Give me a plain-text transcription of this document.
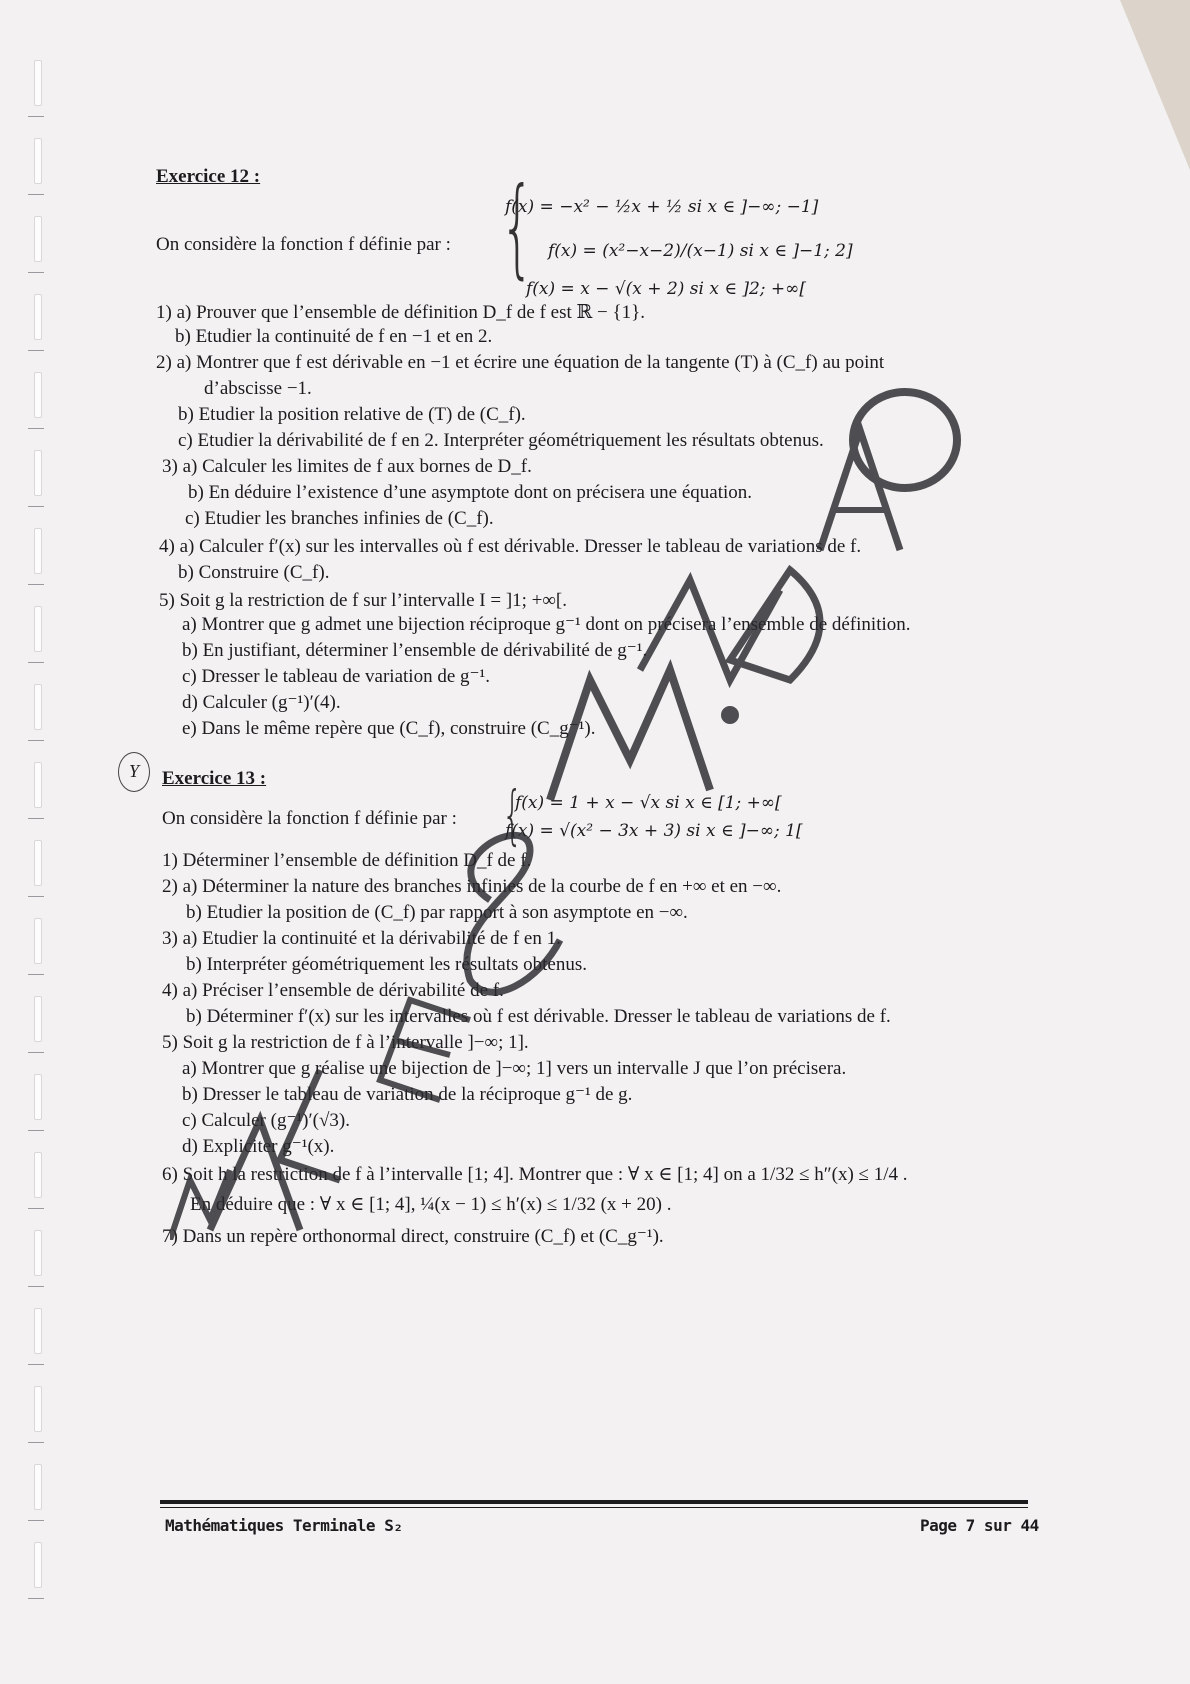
Exercice 12 :
On considère la fonction f définie par : {
f(x) = −x² − ½x + ½ si x ∈ ]−∞; −1]
f(x) = (x²−x−2)/(x−1) si x ∈ ]−1; 2]
f(x) = x − √(x + 2) si x ∈ ]2; +∞[
1) a) Prouver que l’ensemble de définition D_f de f est ℝ − {1}.
b) Etudier la continuité de f en −1 et en 2.
2) a) Montrer que f est dérivable en −1 et écrire une équation de la tangente (T) à (C_f) au point
d’abscisse −1.
b) Etudier la position relative de (T) de (C_f).
c) Etudier la dérivabilité de f en 2. Interpréter géométriquement les résultats obtenus.
3) a) Calculer les limites de f aux bornes de D_f.
b) En déduire l’existence d’une asymptote dont on précisera une équation.
c) Etudier les branches infinies de (C_f).
4) a) Calculer f′(x) sur les intervalles où f est dérivable. Dresser le tableau de variations de f.
b) Construire (C_f).
5) Soit g la restriction de f sur l’intervalle I = ]1; +∞[.
a) Montrer que g admet une bijection réciproque g⁻¹ dont on précisera l’ensemble de définition.
b) En justifiant, déterminer l’ensemble de dérivabilité de g⁻¹.
c) Dresser le tableau de variation de g⁻¹.
d) Calculer (g⁻¹)′(4).
e) Dans le même repère que (C_f), construire (C_g⁻¹).
Y	Exercice 13 :
On considère la fonction f définie par : {
f(x) = 1 + x − √x si x ∈ [1; +∞[
f(x) = √(x² − 3x + 3) si x ∈ ]−∞; 1[
1) Déterminer l’ensemble de définition D_f de f.
2) a) Déterminer la nature des branches infinies de la courbe de f en +∞ et en −∞.
b) Etudier la position de (C_f) par rapport à son asymptote en −∞.
3) a) Etudier la continuité et la dérivabilité de f en 1.
b) Interpréter géométriquement les résultats obtenus.
4) a) Préciser l’ensemble de dérivabilité de f.
b) Déterminer f′(x) sur les intervalles où f est dérivable. Dresser le tableau de variations de f.
5) Soit g la restriction de f à l’intervalle ]−∞; 1].
a) Montrer que g réalise une bijection de ]−∞; 1] vers un intervalle J que l’on précisera.
b) Dresser le tableau de variation de la réciproque g⁻¹ de g.
c) Calculer (g⁻¹)′(√3).
d) Expliciter g⁻¹(x).
6) Soit h la restriction de f à l’intervalle [1; 4]. Montrer que : ∀ x ∈ [1; 4] on a 1/32 ≤ h″(x) ≤ 1/4 .
En déduire que : ∀ x ∈ [1; 4], ¼(x − 1) ≤ h′(x) ≤ 1/32 (x + 20) .
7) Dans un repère orthonormal direct, construire (C_f) et (C_g⁻¹).
Mathématiques Terminale S₂	Page 7 sur 44
